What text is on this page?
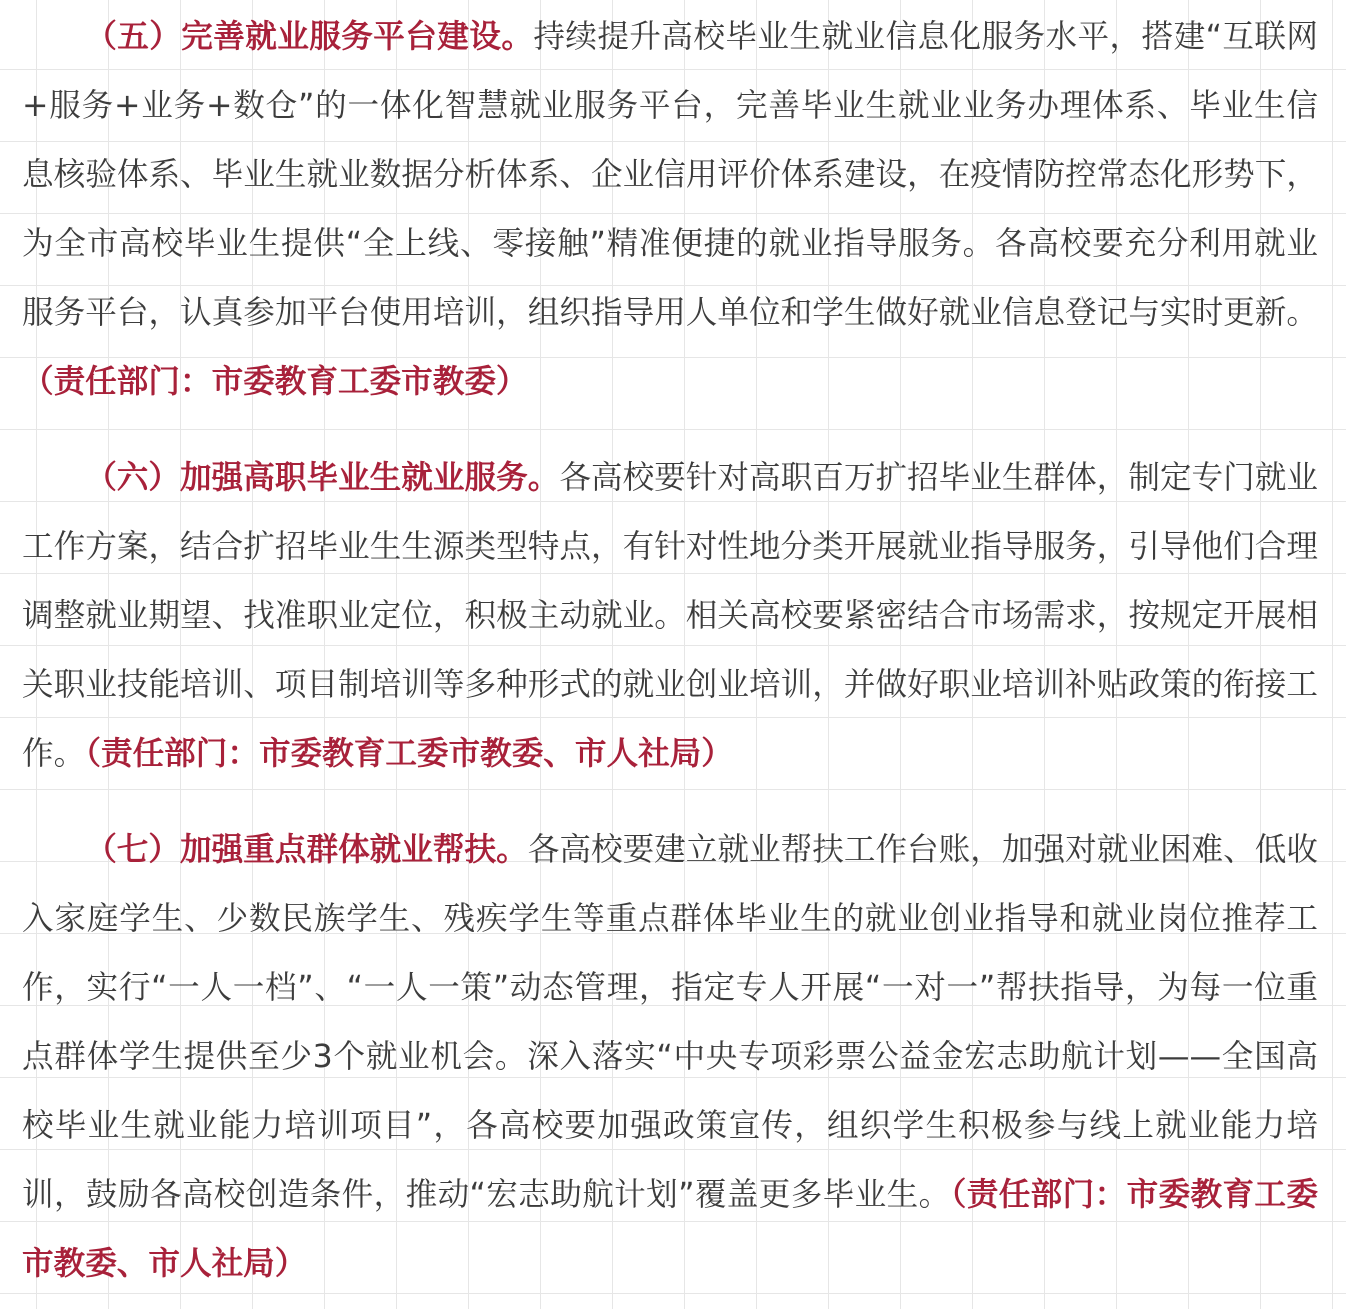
（五）完善就业服务平台建设。持续提升高校毕业生就业信息化服务水平，搭建“互联网+服务+业务+数仓”的一体化智慧就业服务平台，完善毕业生就业业务办理体系、毕业生信息核验体系、毕业生就业数据分析体系、企业信用评价体系建设，在疫情防控常态化形势下，为全市高校毕业生提供“全上线、零接触”精准便捷的就业指导服务。各高校要充分利用就业服务平台，认真参加平台使用培训，组织指导用人单位和学生做好就业信息登记与实时更新。（责任部门：市委教育工委市教委）

（六）加强高职毕业生就业服务。各高校要针对高职百万扩招毕业生群体，制定专门就业工作方案，结合扩招毕业生生源类型特点，有针对性地分类开展就业指导服务，引导他们合理调整就业期望、找准职业定位，积极主动就业。相关高校要紧密结合市场需求，按规定开展相关职业技能培训、项目制培训等多种形式的就业创业培训，并做好职业培训补贴政策的衔接工作。（责任部门：市委教育工委市教委、市人社局）

（七）加强重点群体就业帮扶。各高校要建立就业帮扶工作台账，加强对就业困难、低收入家庭学生、少数民族学生、残疾学生等重点群体毕业生的就业创业指导和就业岗位推荐工作，实行“一人一档”、“一人一策”动态管理，指定专人开展“一对一”帮扶指导，为每一位重点群体学生提供至少3个就业机会。深入落实“中央专项彩票公益金宏志助航计划——全国高校毕业生就业能力培训项目”，各高校要加强政策宣传，组织学生积极参与线上就业能力培训，鼓励各高校创造条件，推动“宏志助航计划”覆盖更多毕业生。（责任部门：市委教育工委市教委、市人社局）
